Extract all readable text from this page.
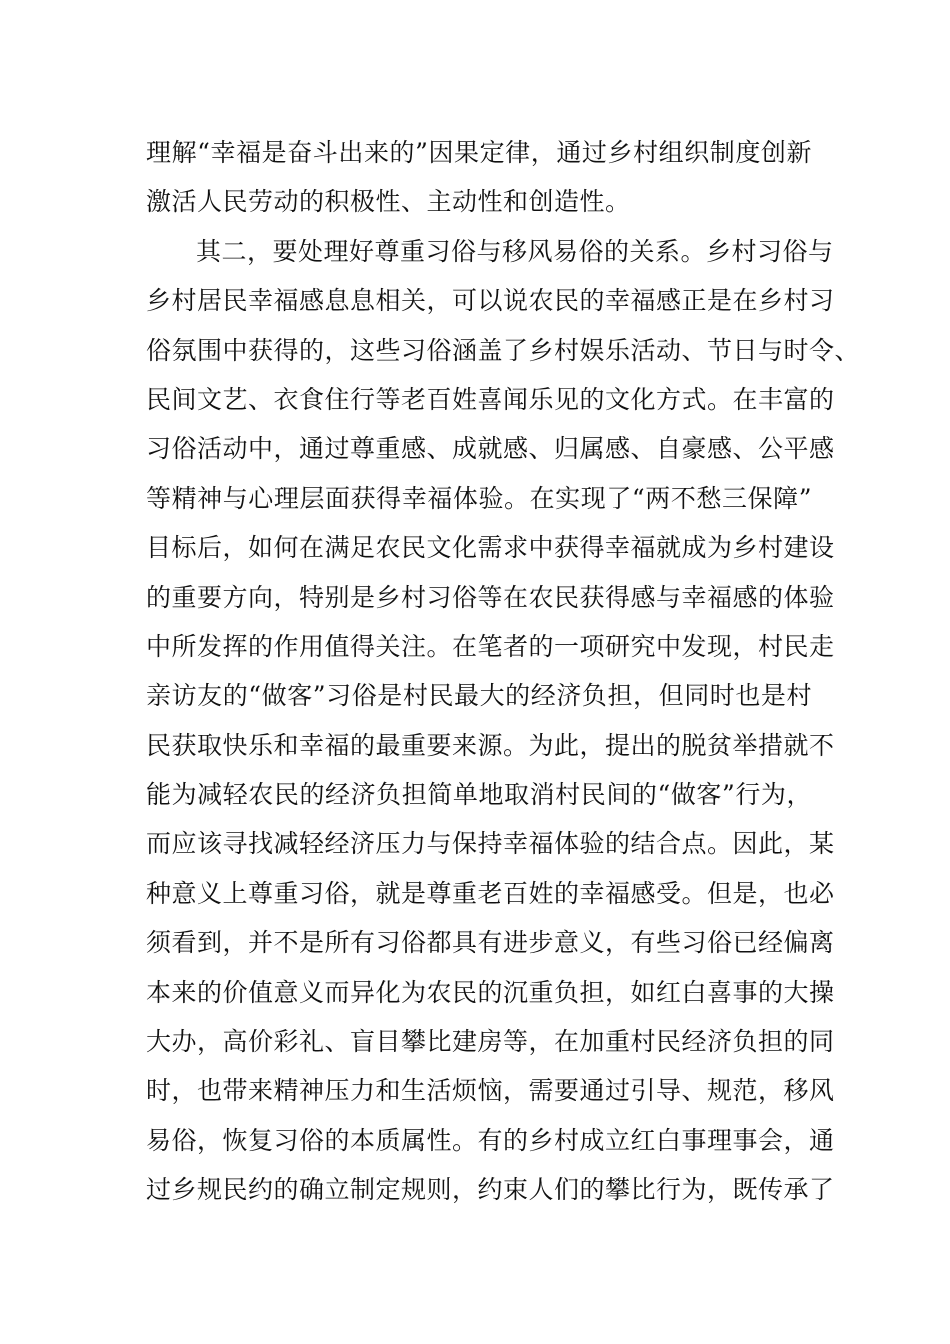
理解“幸福是奋斗出来的”因果定律，通过乡村组织制度创新
激活人民劳动的积极性、主动性和创造性。
其二，要处理好尊重习俗与移风易俗的关系。乡村习俗与
乡村居民幸福感息息相关，可以说农民的幸福感正是在乡村习
俗氛围中获得的，这些习俗涵盖了乡村娱乐活动、节日与时令、
民间文艺、衣食住行等老百姓喜闻乐见的文化方式。在丰富的
习俗活动中，通过尊重感、成就感、归属感、自豪感、公平感
等精神与心理层面获得幸福体验。在实现了“两不愁三保障”
目标后，如何在满足农民文化需求中获得幸福就成为乡村建设
的重要方向，特别是乡村习俗等在农民获得感与幸福感的体验
中所发挥的作用值得关注。在笔者的一项研究中发现，村民走
亲访友的“做客”习俗是村民最大的经济负担，但同时也是村
民获取快乐和幸福的最重要来源。为此，提出的脱贫举措就不
能为减轻农民的经济负担简单地取消村民间的“做客”行为，
而应该寻找减轻经济压力与保持幸福体验的结合点。因此，某
种意义上尊重习俗，就是尊重老百姓的幸福感受。但是，也必
须看到，并不是所有习俗都具有进步意义，有些习俗已经偏离
本来的价值意义而异化为农民的沉重负担，如红白喜事的大操
大办，高价彩礼、盲目攀比建房等，在加重村民经济负担的同
时，也带来精神压力和生活烦恼，需要通过引导、规范，移风
易俗，恢复习俗的本质属性。有的乡村成立红白事理事会，通
过乡规民约的确立制定规则，约束人们的攀比行为，既传承了
